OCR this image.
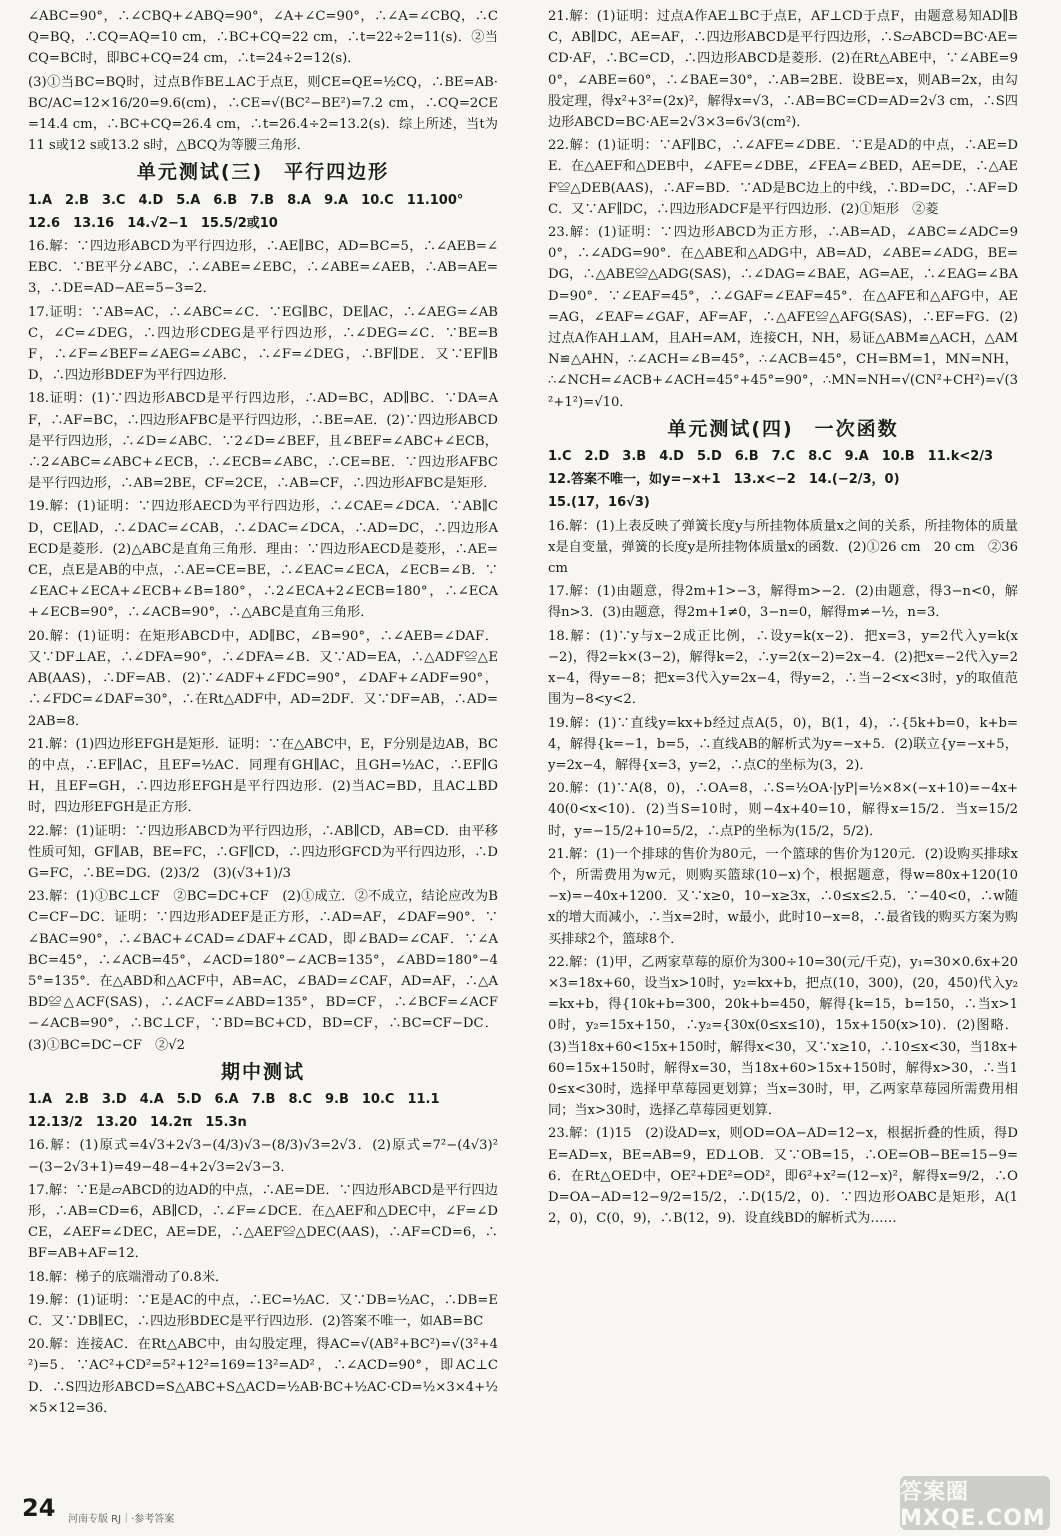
∠ABC=90°，∴∠CBQ+∠ABQ=90°，∠A+∠C=90°，∴∠A=∠CBQ，∴CQ=BQ，∴CQ=AQ=10 cm，∴BC+CQ=22 cm，∴t=22÷2=11(s)．②当CQ=BC时，即BC+CQ=24 cm，∴t=24÷2=12(s)．

(3)①当BC=BQ时，过点B作BE⊥AC于点E，则CE=QE=½CQ，∴BE=AB·BC/AC=12×16/20=9.6(cm)，∴CE=√(BC²−BE²)=7.2 cm，∴CQ=2CE=14.4 cm，∴BC+CQ=26.4 cm，∴t=26.4÷2=13.2(s)．综上所述，当t为11 s或12 s或13.2 s时，△BCQ为等腰三角形．

单元测试(三)　平行四边形

1.A　2.B　3.C　4.D　5.A　6.B　7.B　8.A　9.A　10.C　11.100°

12.6　13.16　14.√2−1　15.5/2或10

16.解：∵四边形ABCD为平行四边形，∴AE∥BC，AD=BC=5，∴∠AEB=∠EBC．∵BE平分∠ABC，∴∠ABE=∠EBC，∴∠ABE=∠AEB，∴AB=AE=3，∴DE=AD−AE=5−3=2．

17.证明：∵AB=AC，∴∠ABC=∠C．∵EG∥BC，DE∥AC，∴∠AEG=∠ABC，∠C=∠DEG，∴四边形CDEG是平行四边形，∴∠DEG=∠C．∵BE=BF，∴∠F=∠BEF=∠AEG=∠ABC，∴∠F=∠DEG，∴BF∥DE．又∵EF∥BD，∴四边形BDEF为平行四边形．

18.证明：(1)∵四边形ABCD是平行四边形，∴AD=BC，AD∥BC．∵DA=AF，∴AF=BC，∴四边形AFBC是平行四边形，∴BE=AE．(2)∵四边形ABCD是平行四边形，∴∠D=∠ABC．∵2∠D=∠BEF，且∠BEF=∠ABC+∠ECB，∴2∠ABC=∠ABC+∠ECB，∴∠ECB=∠ABC，∴CE=BE．∵四边形AFBC是平行四边形，∴AB=2BE，CF=2CE，∴AB=CF，∴四边形AFBC是矩形．

19.解：(1)证明：∵四边形AECD为平行四边形，∴∠CAE=∠DCA．∵AB∥CD，CE∥AD，∴∠DAC=∠CAB，∴∠DAC=∠DCA，∴AD=DC，∴四边形AECD是菱形．(2)△ABC是直角三角形．理由：∵四边形AECD是菱形，∴AE=CE，点E是AB的中点，∴AE=CE=BE，∴∠EAC=∠ECA，∠ECB=∠B．∵∠EAC+∠ECA+∠ECB+∠B=180°，∴2∠ECA+2∠ECB=180°，∴∠ECA+∠ECB=90°，∴∠ACB=90°，∴△ABC是直角三角形．

20.解：(1)证明：在矩形ABCD中，AD∥BC，∠B=90°，∴∠AEB=∠DAF．又∵DF⊥AE，∴∠DFA=90°，∴∠DFA=∠B．又∵AD=EA，∴△ADF≌△EAB(AAS)，∴DF=AB．(2)∵∠ADF+∠FDC=90°，∠DAF+∠ADF=90°，∴∠FDC=∠DAF=30°，∴在Rt△ADF中，AD=2DF．又∵DF=AB，∴AD=2AB=8．

21.解：(1)四边形EFGH是矩形．证明：∵在△ABC中，E，F分别是边AB，BC的中点，∴EF∥AC，且EF=½AC．同理有GH∥AC，且GH=½AC，∴EF∥GH，且EF=GH，∴四边形EFGH是平行四边形．(2)当AC=BD，且AC⊥BD时，四边形EFGH是正方形．

22.解：(1)证明：∵四边形ABCD为平行四边形，∴AB∥CD，AB=CD．由平移性质可知，GF∥AB，BE=FC，∴GF∥CD，∴四边形GFCD为平行四边形，∴DG=FC，∴BE=DG．(2)3/2　(3)(√3+1)/3

23.解：(1)①BC⊥CF　②BC=DC+CF　(2)①成立．②不成立，结论应改为BC=CF−DC．证明：∵四边形ADEF是正方形，∴AD=AF，∠DAF=90°．∵∠BAC=90°，∴∠BAC+∠CAD=∠DAF+∠CAD，即∠BAD=∠CAF．∵∠ABC=45°，∴∠ACB=45°，∠ACD=180°−∠ACB=135°，∠ABD=180°−45°=135°．在△ABD和△ACF中，AB=AC，∠BAD=∠CAF，AD=AF，∴△ABD≌△ACF(SAS)，∴∠ACF=∠ABD=135°，BD=CF，∴∠BCF=∠ACF−∠ACB=90°，∴BC⊥CF，∵BD=BC+CD，BD=CF，∴BC=CF−DC．(3)①BC=DC−CF　②√2

期中测试

1.A　2.B　3.D　4.A　5.D　6.A　7.B　8.C　9.B　10.C　11.1

12.13/2　13.20　14.2π　15.3n

16.解：(1)原式=4√3+2√3−(4/3)√3−(8/3)√3=2√3．(2)原式=7²−(4√3)²−(3−2√3+1)=49−48−4+2√3=2√3−3．

17.解：∵E是▱ABCD的边AD的中点，∴AE=DE．∵四边形ABCD是平行四边形，∴AB=CD=6，AB∥CD，∴∠F=∠DCE．在△AEF和△DEC中，∠F=∠DCE，∠AEF=∠DEC，AE=DE，∴△AEF≌△DEC(AAS)，∴AF=CD=6，∴BF=AB+AF=12．

18.解：梯子的底端滑动了0.8米．

19.解：(1)证明：∵E是AC的中点，∴EC=½AC．又∵DB=½AC，∴DB=EC．又∵DB∥EC，∴四边形BDEC是平行四边形．(2)答案不唯一，如AB=BC

20.解：连接AC．在Rt△ABC中，由勾股定理，得AC=√(AB²+BC²)=√(3²+4²)=5．∵AC²+CD²=5²+12²=169=13²=AD²，∴∠ACD=90°，即AC⊥CD．∴S四边形ABCD=S△ABC+S△ACD=½AB·BC+½AC·CD=½×3×4+½×5×12=36．

21.解：(1)证明：过点A作AE⊥BC于点E，AF⊥CD于点F，由题意易知AD∥BC，AB∥DC，AE=AF，∴四边形ABCD是平行四边形，∴S▱ABCD=BC·AE=CD·AF，∴BC=CD，∴四边形ABCD是菱形．(2)在Rt△ABE中，∵∠ABE=90°，∠ABE=60°，∴∠BAE=30°，∴AB=2BE．设BE=x，则AB=2x，由勾股定理，得x²+3²=(2x)²，解得x=√3，∴AB=BC=CD=AD=2√3 cm，∴S四边形ABCD=BC·AE=2√3×3=6√3(cm²)．

22.解：(1)证明：∵AF∥BC，∴∠AFE=∠DBE．∵E是AD的中点，∴AE=DE．在△AEF和△DEB中，∠AFE=∠DBE，∠FEA=∠BED，AE=DE，∴△AEF≌△DEB(AAS)，∴AF=BD．∵AD是BC边上的中线，∴BD=DC，∴AF=DC．又∵AF∥DC，∴四边形ADCF是平行四边形．(2)①矩形　②菱

23.解：(1)证明：∵四边形ABCD为正方形，∴AB=AD，∠ABC=∠ADC=90°，∴∠ADG=90°．在△ABE和△ADG中，AB=AD，∠ABE=∠ADG，BE=DG，∴△ABE≌△ADG(SAS)，∴∠DAG=∠BAE，AG=AE，∴∠EAG=∠BAD=90°．∵∠EAF=45°，∴∠GAF=∠EAF=45°．在△AFE和△AFG中，AE=AG，∠EAF=∠GAF，AF=AF，∴△AFE≌△AFG(SAS)，∴EF=FG．(2)过点A作AH⊥AM，且AH=AM，连接CH，NH，易证△ABM≌△ACH，△AMN≌△AHN，∴∠ACH=∠B=45°，∴∠ACB=45°，CH=BM=1，MN=NH，∴∠NCH=∠ACB+∠ACH=45°+45°=90°，∴MN=NH=√(CN²+CH²)=√(3²+1²)=√10．

单元测试(四)　一次函数

1.C　2.D　3.B　4.D　5.D　6.B　7.C　8.C　9.A　10.B　11.k<2/3

12.答案不唯一，如y=−x+1　13.x<−2　14.(−2/3，0)

15.(17，16√3)

16.解：(1)上表反映了弹簧长度y与所挂物体质量x之间的关系，所挂物体的质量x是自变量，弹簧的长度y是所挂物体质量x的函数．(2)①26 cm　20 cm　②36 cm

17.解：(1)由题意，得2m+1>−3，解得m>−2．(2)由题意，得3−n<0，解得n>3．(3)由题意，得2m+1≠0，3−n=0，解得m≠−½，n=3．

18.解：(1)∵y与x−2成正比例，∴设y=k(x−2)．把x=3，y=2代入y=k(x−2)，得2=k×(3−2)，解得k=2，∴y=2(x−2)=2x−4．(2)把x=−2代入y=2x−4，得y=−8；把x=3代入y=2x−4，得y=2，∴当−2<x<3时，y的取值范围为−8<y<2．

19.解：(1)∵直线y=kx+b经过点A(5，0)，B(1，4)，∴{5k+b=0，k+b=4，解得{k=−1，b=5，∴直线AB的解析式为y=−x+5．(2)联立{y=−x+5，y=2x−4，解得{x=3，y=2，∴点C的坐标为(3，2)．

20.解：(1)∵A(8，0)，∴OA=8，∴S=½OA·|yP|=½×8×(−x+10)=−4x+40(0<x<10)．(2)当S=10时，则−4x+40=10，解得x=15/2．当x=15/2时，y=−15/2+10=5/2，∴点P的坐标为(15/2，5/2)．

21.解：(1)一个排球的售价为80元，一个篮球的售价为120元．(2)设购买排球x个，所需费用为w元，则购买篮球(10−x)个，根据题意，得w=80x+120(10−x)=−40x+1200．又∵x≥0，10−x≥3x，∴0≤x≤2.5．∵−40<0，∴w随x的增大而减小，∴当x=2时，w最小，此时10−x=8，∴最省钱的购买方案为购买排球2个，篮球8个．

22.解：(1)甲，乙两家草莓的原价为300÷10=30(元/千克)，y₁=30×0.6x+20×3=18x+60，设当x>10时，y₂=kx+b，把点(10，300)，(20，450)代入y₂=kx+b，得{10k+b=300，20k+b=450，解得{k=15，b=150，∴当x>10时，y₂=15x+150，∴y₂={30x(0≤x≤10)，15x+150(x>10)．(2)图略．(3)当18x+60<15x+150时，解得x<30，又∵x≥10，∴10≤x<30，当18x+60=15x+150时，解得x=30，当18x+60>15x+150时，解得x>30，∴当10≤x<30时，选择甲草莓园更划算；当x=30时，甲，乙两家草莓园所需费用相同；当x>30时，选择乙草莓园更划算．

23.解：(1)15　(2)设AD=x，则OD=OA−AD=12−x，根据折叠的性质，得DE=AD=x，BE=AB=9，ED⊥OB．又∵OB=15，∴OE=OB−BE=15−9=6．在Rt△OED中，OE²+DE²=OD²，即6²+x²=(12−x)²，解得x=9/2，∴OD=OA−AD=12−9/2=15/2，∴D(15/2，0)．∵四边形OABC是矩形，A(12，0)，C(0，9)，∴B(12，9)．设直线BD的解析式为……

24 河南专版 RJ｜·参考答案
答案圈 MXQE.COM
